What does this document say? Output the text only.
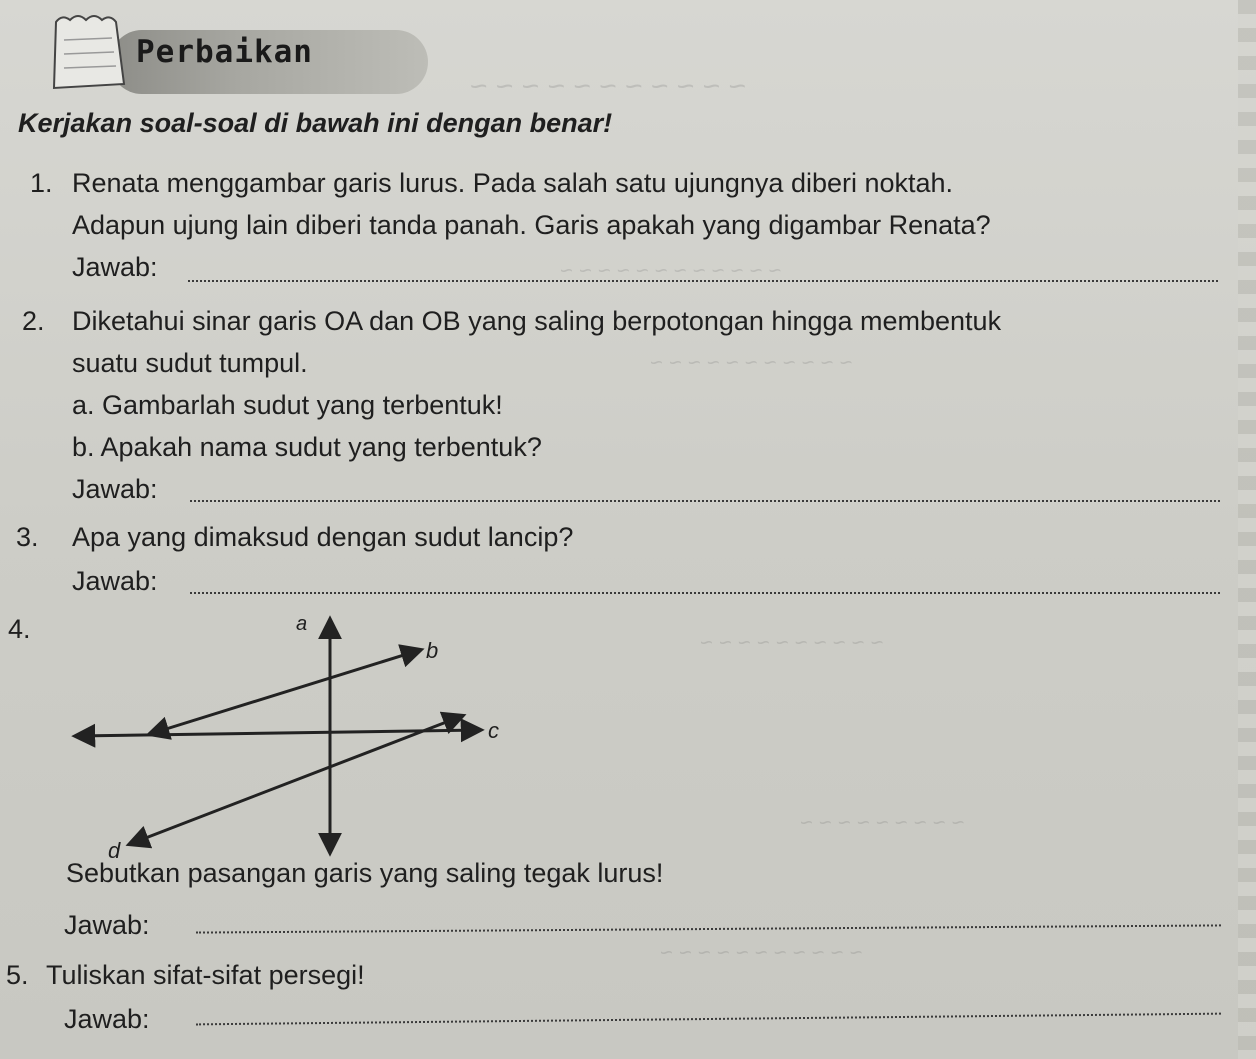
~ ~ ~ ~ ~ ~ ~ ~ ~ ~ ~
~ ~ ~ ~ ~ ~ ~ ~ ~ ~ ~ ~
~ ~ ~ ~ ~ ~ ~ ~ ~ ~ ~
~ ~ ~ ~ ~ ~ ~ ~ ~ ~
~ ~ ~ ~ ~ ~ ~ ~ ~
~ ~ ~ ~ ~ ~ ~ ~ ~ ~ ~
Perbaikan
Kerjakan soal-soal di bawah ini dengan benar!
1. Renata menggambar garis lurus. Pada salah satu ujungnya diberi noktah.
Adapun ujung lain diberi tanda panah. Garis apakah yang digambar Renata?
Jawab:
2. Diketahui sinar garis OA dan OB yang saling berpotongan hingga membentuk
suatu sudut tumpul.
a. Gambarlah sudut yang terbentuk!
b. Apakah nama sudut yang terbentuk?
Jawab:
3. Apa yang dimaksud dengan sudut lancip?
Jawab:
4.	a
b
c
d
Sebutkan pasangan garis yang saling tegak lurus!
Jawab:
5. Tuliskan sifat-sifat persegi!
Jawab:
